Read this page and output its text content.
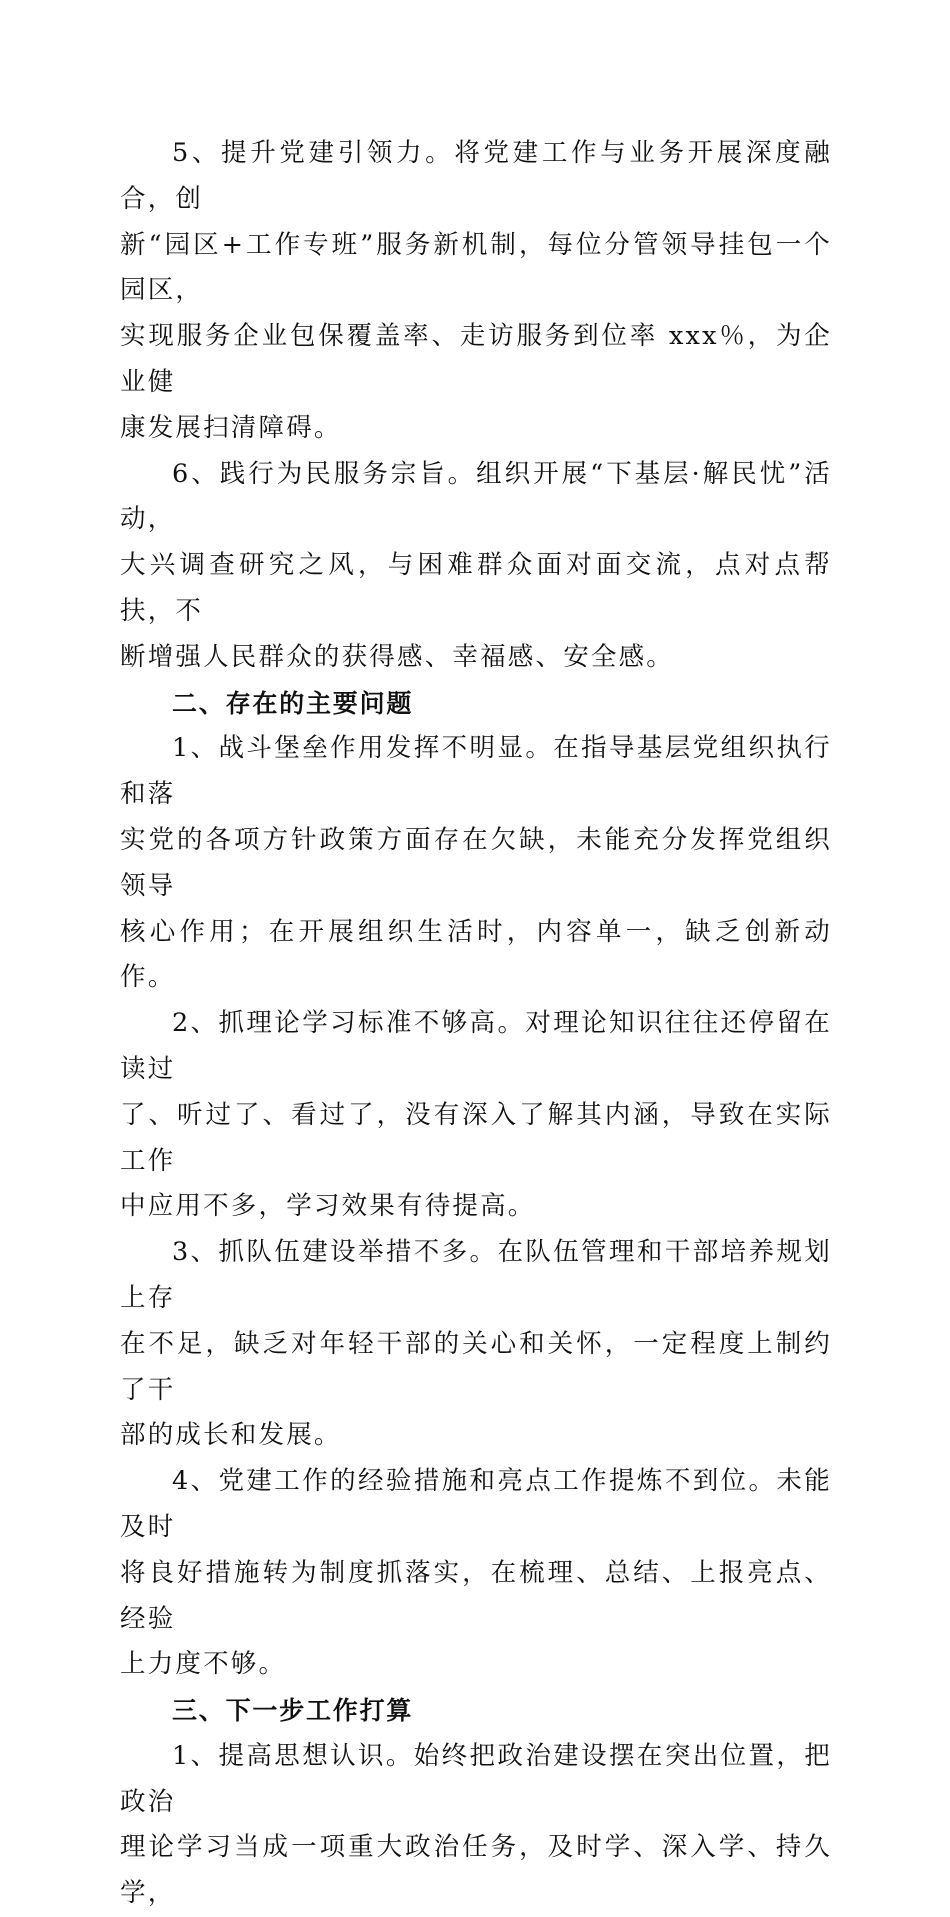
5、提升党建引领力。将党建工作与业务开展深度融合，创
新“园区+工作专班”服务新机制，每位分管领导挂包一个园区，
实现服务企业包保覆盖率、走访服务到位率 xxx％，为企业健
康发展扫清障碍。

6、践行为民服务宗旨。组织开展“下基层·解民忧”活动，
大兴调查研究之风，与困难群众面对面交流，点对点帮扶，不
断增强人民群众的获得感、幸福感、安全感。

二、存在的主要问题

1、战斗堡垒作用发挥不明显。在指导基层党组织执行和落
实党的各项方针政策方面存在欠缺，未能充分发挥党组织领导
核心作用；在开展组织生活时，内容单一，缺乏创新动作。

2、抓理论学习标准不够高。对理论知识往往还停留在读过
了、听过了、看过了，没有深入了解其内涵，导致在实际工作
中应用不多，学习效果有待提高。

3、抓队伍建设举措不多。在队伍管理和干部培养规划上存
在不足，缺乏对年轻干部的关心和关怀，一定程度上制约了干
部的成长和发展。

4、党建工作的经验措施和亮点工作提炼不到位。未能及时
将良好措施转为制度抓落实，在梳理、总结、上报亮点、经验
上力度不够。

三、下一步工作打算

1、提高思想认识。始终把政治建设摆在突出位置，把政治
理论学习当成一项重大政治任务，及时学、深入学、持久学，
